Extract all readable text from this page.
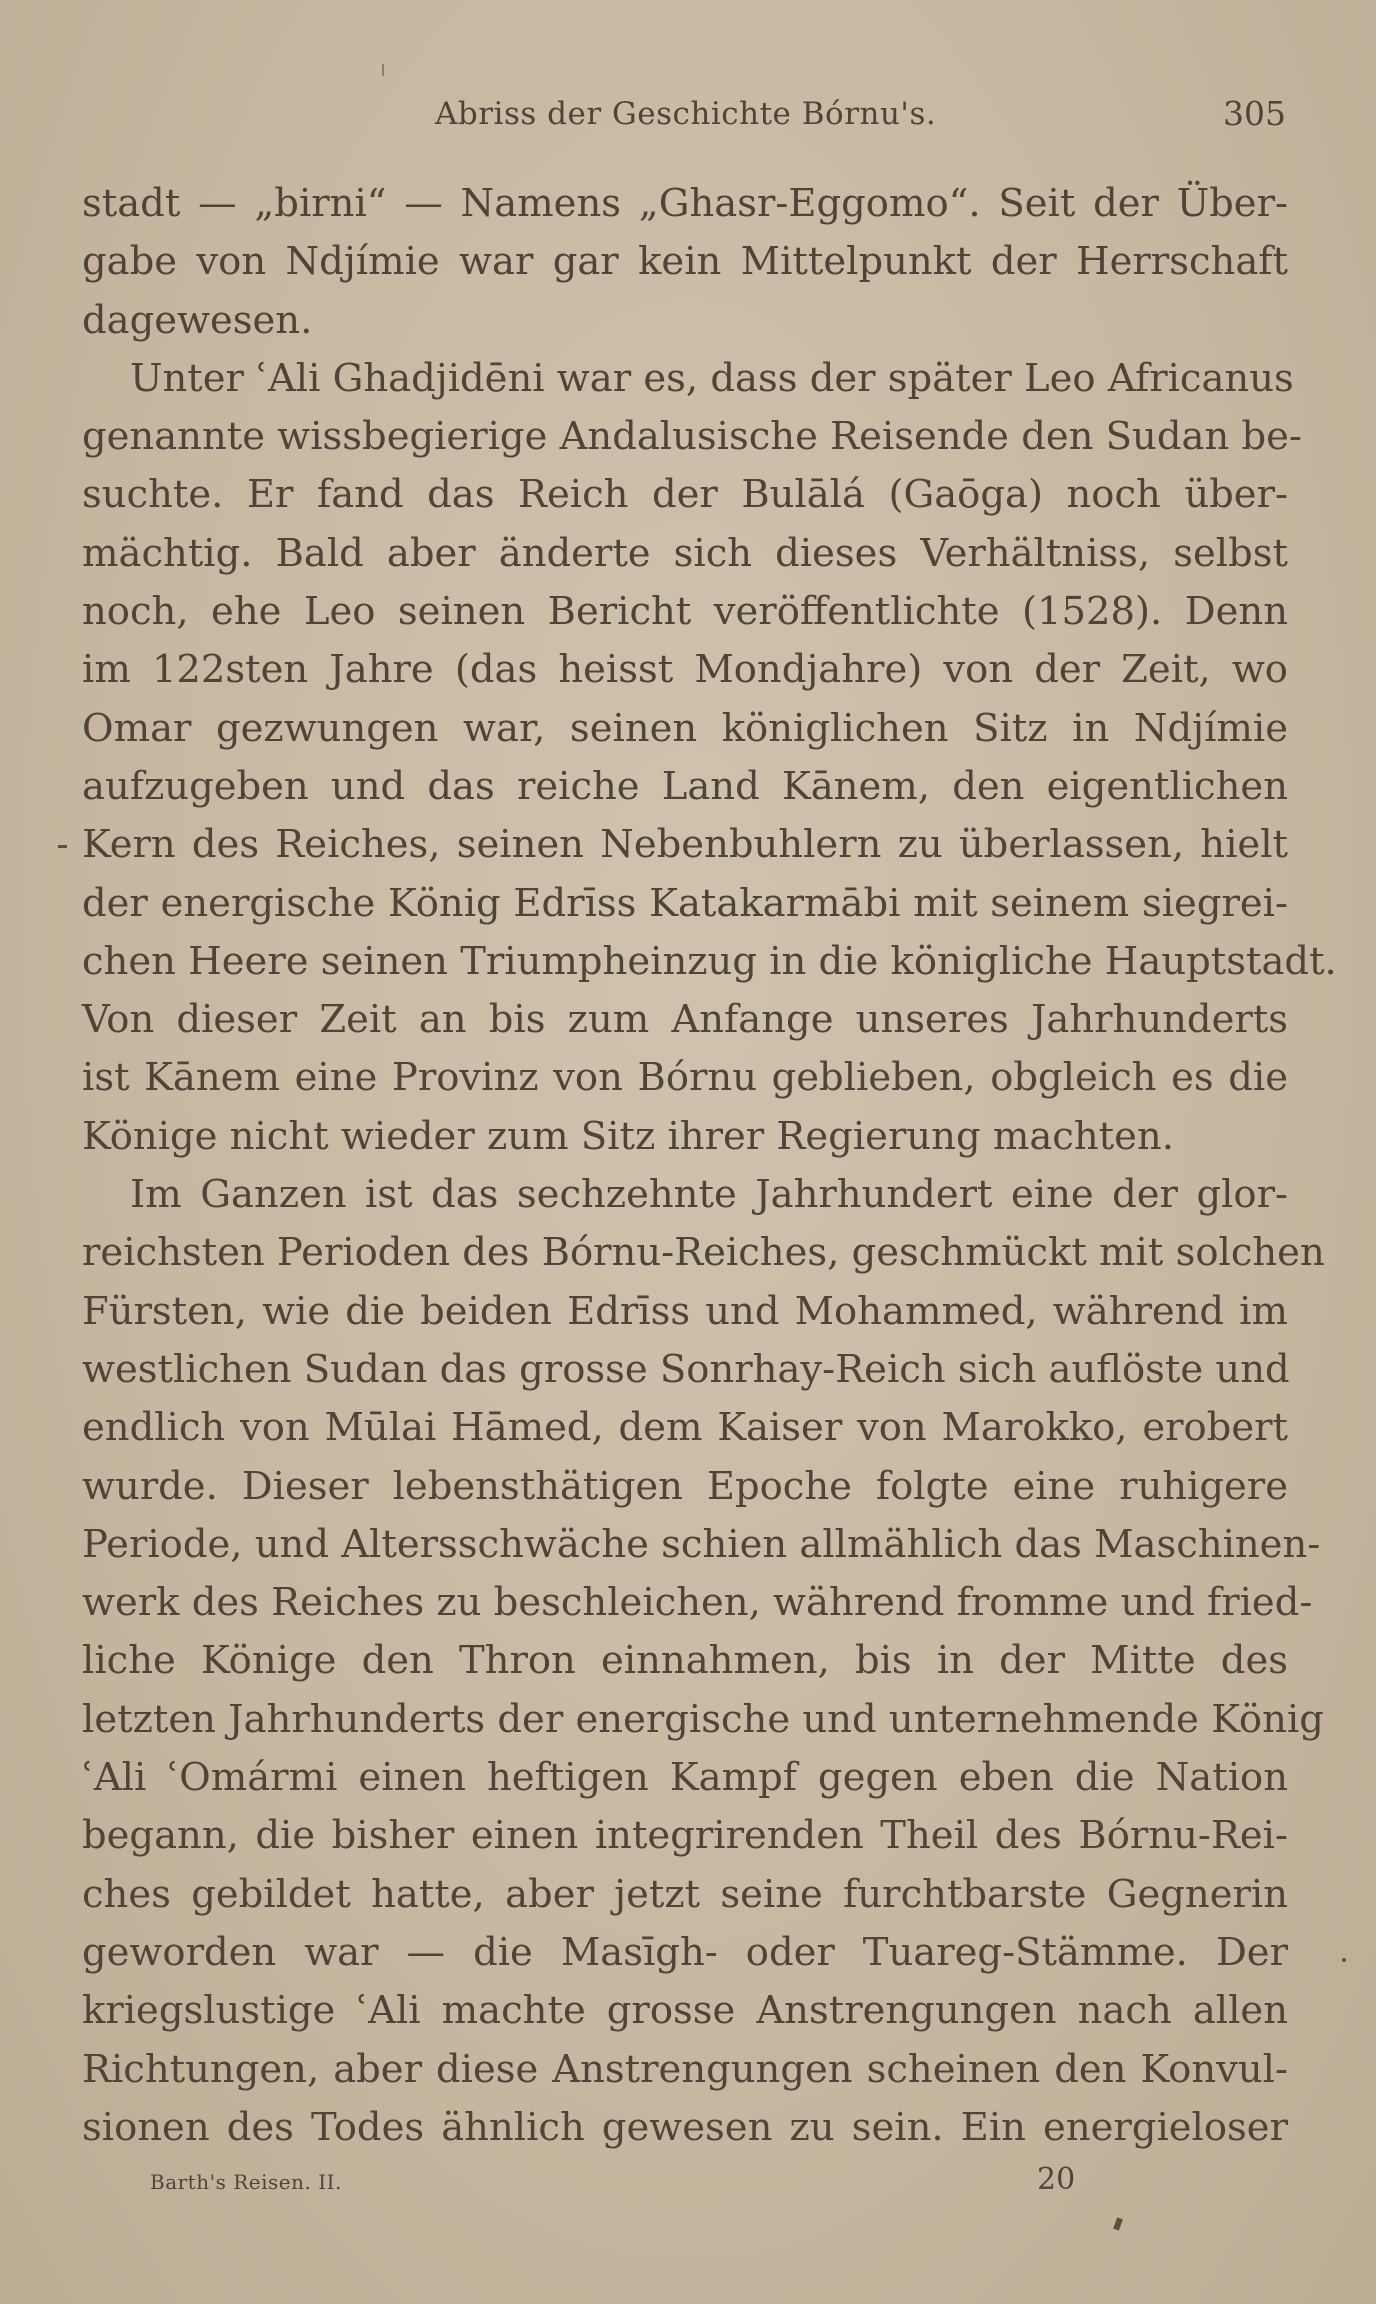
Abriss der Geschichte Bórnu's.	305
stadt — „birni“ — Namens „Ghasr-Eggomo“. Seit der Über-
gabe von Ndjímie war gar kein Mittelpunkt der Herrschaft
dagewesen.
Unter ʿAli Ghadjidēni war es, dass der später Leo Africanus
genannte wissbegierige Andalusische Reisende den Sudan be-
suchte. Er fand das Reich der Bulālá (Gaōga) noch über-
mächtig. Bald aber änderte sich dieses Verhältniss, selbst
noch, ehe Leo seinen Bericht veröffentlichte (1528). Denn
im 122sten Jahre (das heisst Mondjahre) von der Zeit, wo
Omar gezwungen war, seinen königlichen Sitz in Ndjímie
aufzugeben und das reiche Land Kānem, den eigentlichen
Kern des Reiches, seinen Nebenbuhlern zu überlassen, hielt
der energische König Edrīss Katakarmābi mit seinem siegrei-
chen Heere seinen Triumpheinzug in die königliche Hauptstadt.
Von dieser Zeit an bis zum Anfange unseres Jahrhunderts
ist Kānem eine Provinz von Bórnu geblieben, obgleich es die
Könige nicht wieder zum Sitz ihrer Regierung machten.
Im Ganzen ist das sechzehnte Jahrhundert eine der glor-
reichsten Perioden des Bórnu-Reiches, geschmückt mit solchen
Fürsten, wie die beiden Edrīss und Mohammed, während im
westlichen Sudan das grosse Sonrhay-Reich sich auflöste und
endlich von Mūlai Hāmed, dem Kaiser von Marokko, erobert
wurde. Dieser lebensthätigen Epoche folgte eine ruhigere
Periode, und Altersschwäche schien allmählich das Maschinen-
werk des Reiches zu beschleichen, während fromme und fried-
liche Könige den Thron einnahmen, bis in der Mitte des
letzten Jahrhunderts der energische und unternehmende König
ʿAli ʿOmármi einen heftigen Kampf gegen eben die Nation
begann, die bisher einen integrirenden Theil des Bórnu-Rei-
ches gebildet hatte, aber jetzt seine furchtbarste Gegnerin
geworden war — die Masīgh- oder Tuareg-Stämme. Der
kriegslustige ʿAli machte grosse Anstrengungen nach allen
Richtungen, aber diese Anstrengungen scheinen den Konvul-
sionen des Todes ähnlich gewesen zu sein. Ein energieloser
Barth's Reisen. II.	20
